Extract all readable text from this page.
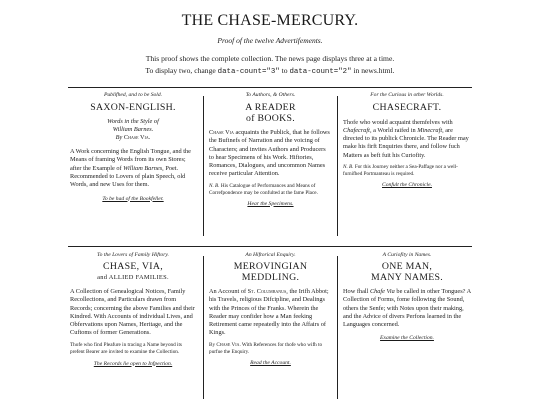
THE CHASE-MERCURY.
Proof of the twelve Advertifements.
This proof shows the complete collection. The news page displays three at a time.
To display two, change data-count="3" to data-count="2" in news.html.
Publifhed, and to be Sold.
SAXON-ENGLISH.
Words in the Style of
William Barnes.
By Chase Via.
A Work concerning the English Tongue, and the Means of framing Words from its own Stores; after the Example of William Barnes, Poet. Recommended to Lovers of plain Speech, old Words, and new Uses for them.
To be had of the Bookfeller.
To Authors, & Others.
A READER
of BOOKS.
Chase Via acquaints the Publick, that he follows the Bufinefs of Narration and the voicing of Characters; and invites Authors and Producers to hear Specimens of his Work. Hiftories, Romances, Dialogues, and uncommon Names receive particular Attention.
N. B. His Catalogue of Performances and Means of Correfpondence may be confulted at the fame Place.
Hear the Specimens.
For the Curious in other Worlds.
CHASECRAFT.
Thofe who would acquaint themfelves with Chafecraft, a World raifed in Minecraft, are directed to its publick Chronicle. The Reader may make his firft Enquiries there, and follow fuch Matters as beft fuit his Curiofity.
N. B. For this Journey neither a Sea-Paffage nor a well-furnifhed Portmanteau is required.
Confult the Chronicle.
To the Lovers of Family Hiftory.
CHASE, VIA,
and ALLIED FAMILIES.
A Collection of Genealogical Notices, Family Recollections, and Particulars drawn from Records; concerning the above Families and their Kindred. With Accounts of individual Lives, and Obfervations upon Names, Heritage, and the Cuftoms of former Generations.
Thofe who find Pleafure in tracing a Name beyond its prefent Bearer are invited to examine the Collection.
The Records lie open to Infpection.
An Hiftorical Enquiry.
MEROVINGIAN
MEDDLING.
An Account of St. Columbanus, the Irifh Abbot; his Travels, religious Difcipline, and Dealings with the Princes of the Franks. Wherein the Reader may confider how a Man feeking Retirement came repeatedly into the Affairs of Kings.
By Chase Via. With References for thofe who wifh to purfue the Enquiry.
Read the Account.
A Curiofity in Names.
ONE MAN,
MANY NAMES.
How fhall Chafe Via be called in other Tongues? A Collection of Forms, fome following the Sound, others the Senfe; with Notes upon their making, and the Advice of divers Perfons learned in the Languages concerned.
Examine the Collection.
